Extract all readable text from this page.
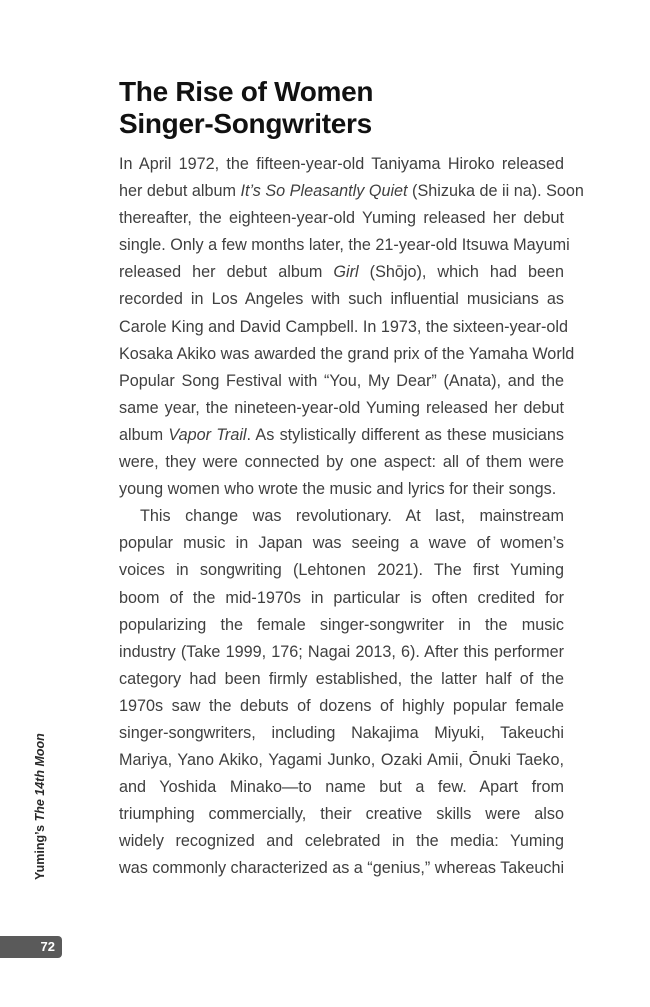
The Rise of Women
Singer-Songwriters
In April 1972, the fifteen-year-old Taniyama Hiroko released
her debut album It’s So Pleasantly Quiet (Shizuka de ii na). Soon
thereafter, the eighteen-year-old Yuming released her debut
single. Only a few months later, the 21-year-old Itsuwa Mayumi
released her debut album Girl (Shōjo), which had been
recorded in Los Angeles with such influential musicians as
Carole King and David Campbell. In 1973, the sixteen-year-old
Kosaka Akiko was awarded the grand prix of the Yamaha World
Popular Song Festival with “You, My Dear” (Anata), and the
same year, the nineteen-year-old Yuming released her debut
album Vapor Trail. As stylistically different as these musicians
were, they were connected by one aspect: all of them were
young women who wrote the music and lyrics for their songs.
This change was revolutionary. At last, mainstream
popular music in Japan was seeing a wave of women’s
voices in songwriting (Lehtonen 2021). The first Yuming
boom of the mid-1970s in particular is often credited for
popularizing the female singer-songwriter in the music
industry (Take 1999, 176; Nagai 2013, 6). After this performer
category had been firmly established, the latter half of the
1970s saw the debuts of dozens of highly popular female
singer-songwriters, including Nakajima Miyuki, Takeuchi
Mariya, Yano Akiko, Yagami Junko, Ozaki Amii, Ōnuki Taeko,
and Yoshida Minako—to name but a few. Apart from
triumphing commercially, their creative skills were also
widely recognized and celebrated in the media: Yuming
was commonly characterized as a “genius,” whereas Takeuchi
Yuming’s The 14th Moon
72
